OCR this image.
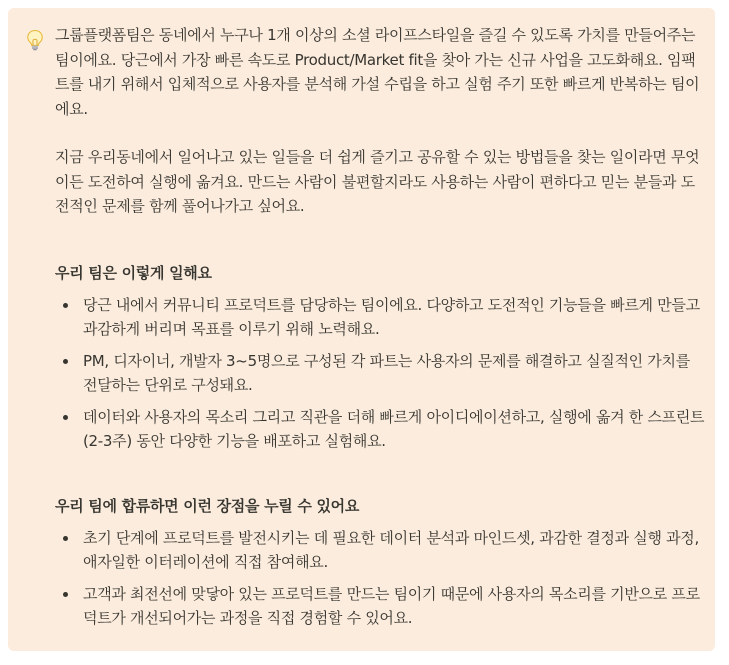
그룹플랫폼팀은 동네에서 누구나 1개 이상의 소셜 라이프스타일을 즐길 수 있도록 가치를 만들어주는 팀이에요. 당근에서 가장 빠른 속도로 Product/Market fit을 찾아 가는 신규 사업을 고도화해요. 임팩트를 내기 위해서 입체적으로 사용자를 분석해 가설 수립을 하고 실험 주기 또한 빠르게 반복하는 팀이에요.

지금 우리동네에서 일어나고 있는 일들을 더 쉽게 즐기고 공유할 수 있는 방법들을 찾는 일이라면 무엇이든 도전하여 실행에 옮겨요. 만드는 사람이 불편할지라도 사용하는 사람이 편하다고 믿는 분들과 도전적인 문제를 함께 풀어나가고 싶어요.

우리 팀은 이렇게 일해요
당근 내에서 커뮤니티 프로덕트를 담당하는 팀이에요. 다양하고 도전적인 기능들을 빠르게 만들고 과감하게 버리며 목표를 이루기 위해 노력해요.
PM, 디자이너, 개발자 3~5명으로 구성된 각 파트는 사용자의 문제를 해결하고 실질적인 가치를 전달하는 단위로 구성돼요.
데이터와 사용자의 목소리 그리고 직관을 더해 빠르게 아이디에이션하고, 실행에 옮겨 한 스프린트(2-3주) 동안 다양한 기능을 배포하고 실험해요.
우리 팀에 합류하면 이런 장점을 누릴 수 있어요
초기 단계에 프로덕트를 발전시키는 데 필요한 데이터 분석과 마인드셋, 과감한 결정과 실행 과정, 애자일한 이터레이션에 직접 참여해요.
고객과 최전선에 맞닿아 있는 프로덕트를 만드는 팀이기 때문에 사용자의 목소리를 기반으로 프로덕트가 개선되어가는 과정을 직접 경험할 수 있어요.
